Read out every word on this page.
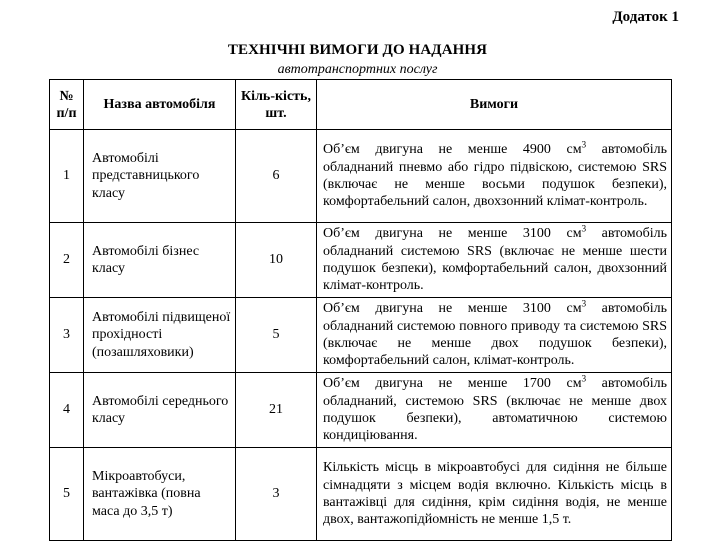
Додаток 1
ТЕХНІЧНІ ВИМОГИ ДО НАДАННЯ
автотранспортних послуг
№ п/п	Назва автомобіля	Кіль-кість, шт.	Вимоги
1	Автомобілі представницького класу	6	Об’єм двигуна не менше 4900 $см^3$ автомобіль обладнаний пневмо або гідро підвіскою, системою SRS (включає не менше восьми подушок безпеки), комфортабельний салон, двохзонний клімат-контроль.
2	Автомобілі бізнес класу	10	Об’єм двигуна не менше 3100 $см^3$ автомобіль обладнаний системою SRS (включає не менше шести подушок безпеки), комфортабельний салон, двохзонний клімат-контроль.
3	Автомобілі підвищеної прохідності (позашляховики)	5	Об’єм двигуна не менше 3100 $см^3$ автомобіль обладнаний системою повного приводу та системою SRS (включає не менше двох подушок безпеки), комфортабельний салон, клімат-контроль.
4	Автомобілі середнього класу	21	Об’єм двигуна не менше 1700 $см^3$ автомобіль обладнаний, системою SRS (включає не менше двох подушок безпеки), автоматичною системою кондиціювання.
5	Мікроавтобуси, вантажівка (повна маса до 3,5 т)	3	Кількість місць в мікроавтобусі для сидіння не більше сімнадцяти з місцем водія включно. Кількість місць в вантажівці для сидіння, крім сидіння водія, не менше двох, вантажопідйомність не менше 1,5 т.
